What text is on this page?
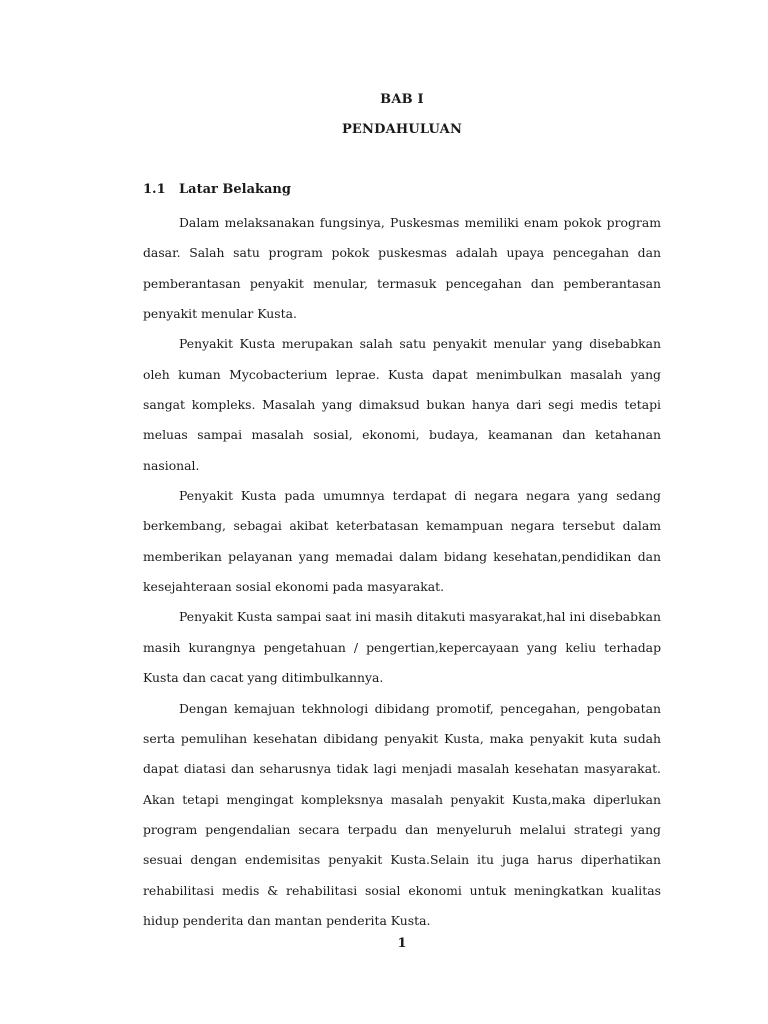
BAB I
PENDAHULUAN
1.1 Latar Belakang

Dalam melaksanakan fungsinya, Puskesmas memiliki enam pokok program dasar. Salah satu program pokok puskesmas adalah upaya pencegahan dan pemberantasan penyakit menular, termasuk pencegahan dan pemberantasan penyakit menular Kusta.

Penyakit Kusta merupakan salah satu penyakit menular yang disebabkan oleh kuman Mycobacterium leprae. Kusta dapat menimbulkan masalah yang sangat kompleks. Masalah yang dimaksud bukan hanya dari segi medis tetapi meluas sampai masalah sosial, ekonomi, budaya, keamanan dan ketahanan nasional.

Penyakit Kusta pada umumnya terdapat di negara negara yang sedang berkembang, sebagai akibat keterbatasan kemampuan negara tersebut dalam memberikan pelayanan yang memadai dalam bidang kesehatan,pendidikan dan kesejahteraan sosial ekonomi pada masyarakat.

Penyakit Kusta sampai saat ini masih ditakuti masyarakat,hal ini disebabkan masih kurangnya pengetahuan / pengertian,kepercayaan yang keliu terhadap Kusta dan cacat yang ditimbulkannya.

Dengan kemajuan tekhnologi dibidang promotif, pencegahan, pengobatan serta pemulihan kesehatan dibidang penyakit Kusta, maka penyakit kuta sudah dapat diatasi dan seharusnya tidak lagi menjadi masalah kesehatan masyarakat. Akan tetapi mengingat kompleksnya masalah penyakit Kusta,maka diperlukan program pengendalian secara terpadu dan menyeluruh melalui strategi yang sesuai dengan endemisitas penyakit Kusta.Selain itu juga harus diperhatikan rehabilitasi medis & rehabilitasi sosial ekonomi untuk meningkatkan kualitas hidup penderita dan mantan penderita Kusta.

1
